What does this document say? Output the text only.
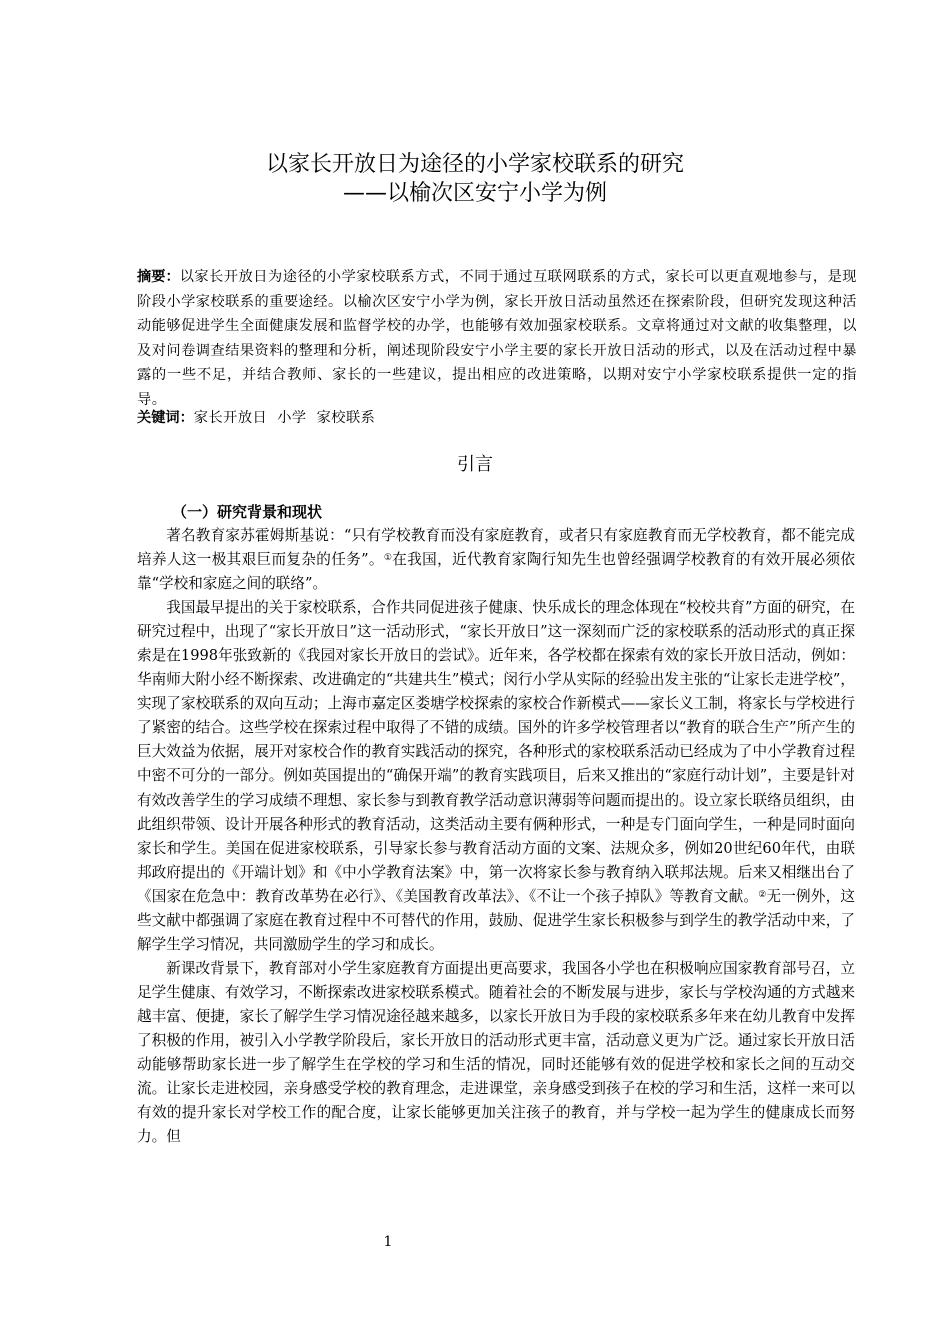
以家长开放日为途径的小学家校联系的研究
——以榆次区安宁小学为例
摘要：以家长开放日为途径的小学家校联系方式，不同于通过互联网联系的方式，家长可以更直观地参与，是现阶段小学家校联系的重要途经。以榆次区安宁小学为例，家长开放日活动虽然还在探索阶段，但研究发现这种活动能够促进学生全面健康发展和监督学校的办学，也能够有效加强家校联系。文章将通过对文献的收集整理，以及对问卷调查结果资料的整理和分析，阐述现阶段安宁小学主要的家长开放日活动的形式，以及在活动过程中暴露的一些不足，并结合教师、家长的一些建议，提出相应的改进策略，以期对安宁小学家校联系提供一定的指导。
关键词：家长开放日 小学 家校联系
引言
（一）研究背景和现状

著名教育家苏霍姆斯基说：“只有学校教育而没有家庭教育，或者只有家庭教育而无学校教育，都不能完成培养人这一极其艰巨而复杂的任务”。①在我国，近代教育家陶行知先生也曾经强调学校教育的有效开展必须依靠“学校和家庭之间的联络”。

我国最早提出的关于家校联系，合作共同促进孩子健康、快乐成长的理念体现在“校校共育”方面的研究，在研究过程中，出现了“家长开放日”这一活动形式，“家长开放日”这一深刻而广泛的家校联系的活动形式的真正探索是在1998年张致新的《我园对家长开放日的尝试》。近年来，各学校都在探索有效的家长开放日活动，例如：华南师大附小经不断探索、改进确定的“共建共生”模式；闵行小学从实际的经验出发主张的“让家长走进学校”，实现了家校联系的双向互动；上海市嘉定区娄塘学校探索的家校合作新模式——家长义工制，将家长与学校进行了紧密的结合。这些学校在探索过程中取得了不错的成绩。国外的许多学校管理者以“教育的联合生产”所产生的巨大效益为依据，展开对家校合作的教育实践活动的探究，各种形式的家校联系活动已经成为了中小学教育过程中密不可分的一部分。例如英国提出的“确保开端”的教育实践项目，后来又推出的“家庭行动计划”，主要是针对有效改善学生的学习成绩不理想、家长参与到教育教学活动意识薄弱等问题而提出的。设立家长联络员组织，由此组织带领、设计开展各种形式的教育活动，这类活动主要有俩种形式，一种是专门面向学生，一种是同时面向家长和学生。美国在促进家校联系，引导家长参与教育活动方面的文案、法规众多，例如20世纪60年代，由联邦政府提出的《开端计划》和《中小学教育法案》中，第一次将家长参与教育纳入联邦法规。后来又相继出台了《国家在危急中：教育改革势在必行》、《美国教育改革法》、《不让一个孩子掉队》等教育文献。②无一例外，这些文献中都强调了家庭在教育过程中不可替代的作用，鼓励、促进学生家长积极参与到学生的教学活动中来，了解学生学习情况，共同激励学生的学习和成长。

新课改背景下，教育部对小学生家庭教育方面提出更高要求，我国各小学也在积极响应国家教育部号召，立足学生健康、有效学习，不断探索改进家校联系模式。随着社会的不断发展与进步，家长与学校沟通的方式越来越丰富、便捷，家长了解学生学习情况途径越来越多，以家长开放日为手段的家校联系多年来在幼儿教育中发挥了积极的作用，被引入小学教学阶段后，家长开放日的活动形式更丰富，活动意义更为广泛。通过家长开放日活动能够帮助家长进一步了解学生在学校的学习和生活的情况，同时还能够有效的促进学校和家长之间的互动交流。让家长走进校园，亲身感受学校的教育理念，走进课堂，亲身感受到孩子在校的学习和生活，这样一来可以有效的提升家长对学校工作的配合度，让家长能够更加关注孩子的教育，并与学校一起为学生的健康成长而努力。但

1
